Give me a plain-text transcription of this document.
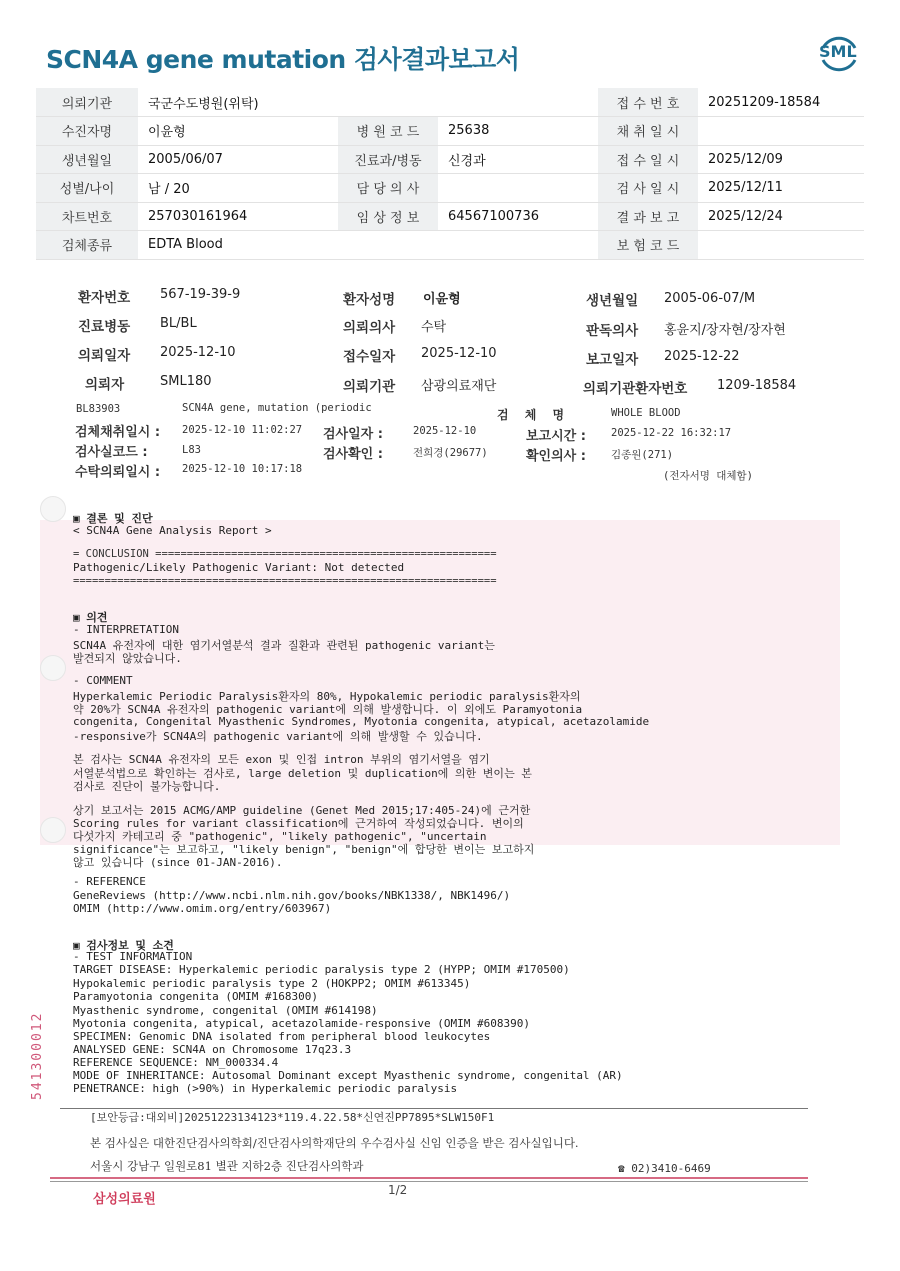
SCN4A gene mutation 검사결과보고서	SML
의뢰기관	국군수도병원(위탁)			접 수 번 호	20251209-18584
수진자명	이윤형	병 원 코 드	25638	채 취 일 시	
생년월일	2005/06/07	진료과/병동	신경과	접 수 일 시	2025/12/09
성별/나이	남 / 20	담 당 의 사		검 사 일 시	2025/12/11
차트번호	257030161964	임 상 정 보	64567100736	결 과 보 고	2025/12/24
검체종류	EDTA Blood			보 험 코 드	
환자번호 567-19-39-9	환자성명 이윤형	생년월일 2005-06-07/M
진료병동 BL/BL	의뢰의사 수탁	판독의사 홍윤지/장자현/장자현
의뢰일자 2025-12-10	접수일자 2025-12-10	보고일자 2025-12-22
의뢰자	SML180	의뢰기관 삼광의료재단	의뢰기관환자번호 1209-18584
BL83903	SCN4A gene, mutation (periodic	검 체 명	WHOLE BLOOD
검체채취일시 : 2025-12-10 11:02:27 검사일자 :	2025-12-10	보고시간 : 2025-12-22 16:32:17
검사실코드 :	L83	검사확인 :	전희경(29677)	확인의사 : 김종원(271)
수탁의뢰일시 : 2025-12-10 10:17:18
(전자서명 대체함)
▣ 결론 및 진단
< SCN4A Gene Analysis Report >
= CONCLUSION ======================================================
Pathogenic/Likely Pathogenic Variant: Not detected
===================================================================
▣ 의견
- INTERPRETATION
SCN4A 유전자에 대한 염기서열분석 결과 질환과 관련된 pathogenic variant는
발견되지 않았습니다.
- COMMENT
Hyperkalemic Periodic Paralysis환자의 80%, Hypokalemic periodic paralysis환자의
약 20%가 SCN4A 유전자의 pathogenic variant에 의해 발생합니다. 이 외에도 Paramyotonia
congenita, Congenital Myasthenic Syndromes, Myotonia congenita, atypical, acetazolamide
-responsive가 SCN4A의 pathogenic variant에 의해 발생할 수 있습니다.
본 검사는 SCN4A 유전자의 모든 exon 및 인접 intron 부위의 염기서열을 염기
서열분석법으로 확인하는 검사로, large deletion 및 duplication에 의한 변이는 본
검사로 진단이 불가능합니다.
상기 보고서는 2015 ACMG/AMP guideline (Genet Med 2015;17:405-24)에 근거한
Scoring rules for variant classification에 근거하여 작성되었습니다. 변이의
다섯가지 카테고리 중 "pathogenic", "likely pathogenic", "uncertain
significance"는 보고하고, "likely benign", "benign"에 합당한 변이는 보고하지
않고 있습니다 (since 01-JAN-2016).
- REFERENCE
GeneReviews (http://www.ncbi.nlm.nih.gov/books/NBK1338/, NBK1496/)
OMIM (http://www.omim.org/entry/603967)
▣ 검사정보 및 소견
- TEST INFORMATION
TARGET DISEASE: Hyperkalemic periodic paralysis type 2 (HYPP; OMIM #170500)
Hypokalemic periodic paralysis type 2 (HOKPP2; OMIM #613345)
Paramyotonia congenita (OMIM #168300)
Myasthenic syndrome, congenital (OMIM #614198)
Myotonia congenita, atypical, acetazolamide-responsive (OMIM #608390)
SPECIMEN: Genomic DNA isolated from peripheral blood leukocytes
ANALYSED GENE: SCN4A on Chromosome 17q23.3
REFERENCE SEQUENCE: NM_000334.4
MODE OF INHERITANCE: Autosomal Dominant except Myasthenic syndrome, congenital (AR)
PENETRANCE: high (>90%) in Hyperkalemic periodic paralysis
541300012
[보안등급:대외비]20251223134123*119.4.22.58*신연진PP7895*SLW150F1
본 검사실은 대한진단검사의학회/진단검사의학재단의 우수검사실 신임 인증을 받은 검사실입니다.
서울시 강남구 일원로81 별관 지하2층 진단검사의학과	☎ 02)3410-6469
삼성의료원
1/2
